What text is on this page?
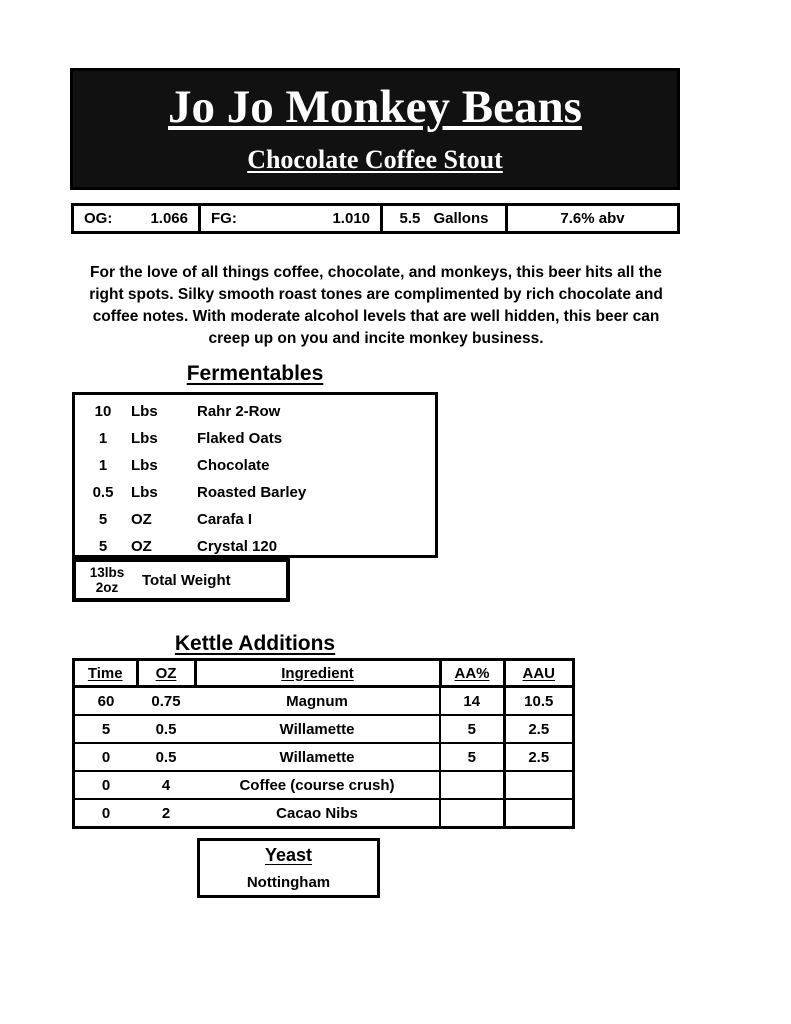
Jo Jo Monkey Beans
Chocolate Coffee Stout
OG:	1.066 FG:	1.010 5.5 Gallons	7.6% abv
For the love of all things coffee, chocolate, and monkeys, this beer hits all the right spots. Silky smooth roast tones are complimented by rich chocolate and coffee notes. With moderate alcohol levels that are well hidden, this beer can creep up on you and incite monkey business.
Fermentables
10	Lbs	Rahr 2-Row
1	Lbs	Flaked Oats
1	Lbs	Chocolate
0.5	Lbs	Roasted Barley
5	OZ	Carafa I
5	OZ	Crystal 120
13lbs
2oz	Total Weight
Kettle Additions
Time	OZ	Ingredient	AA%	AAU
60	0.75	Magnum	14	10.5
5	0.5	Willamette	5	2.5
0	0.5	Willamette	5	2.5
0	4	Coffee (course crush)		
0	2	Cacao Nibs		
Yeast
Nottingham
